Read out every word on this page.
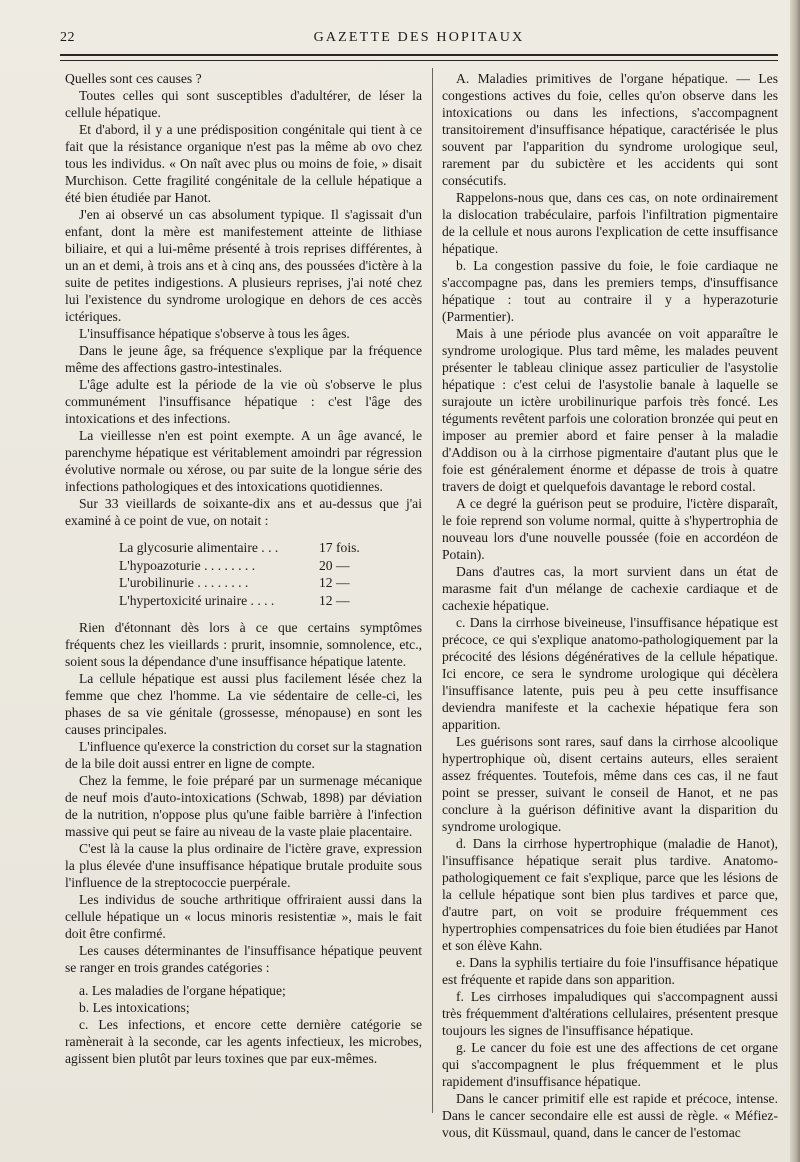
22	GAZETTE DES HOPITAUX

Quelles sont ces causes ?

Toutes celles qui sont susceptibles d'adultérer, de léser la cellule hépatique.

Et d'abord, il y a une prédisposition congénitale qui tient à ce fait que la résistance organique n'est pas la même ab ovo chez tous les individus. « On naît avec plus ou moins de foie, » disait Murchison. Cette fragilité congénitale de la cellule hépatique a été bien étudiée par Hanot.

J'en ai observé un cas absolument typique. Il s'agissait d'un enfant, dont la mère est manifestement atteinte de lithiase biliaire, et qui a lui-même présenté à trois reprises différentes, à un an et demi, à trois ans et à cinq ans, des poussées d'ictère à la suite de petites indigestions. A plusieurs reprises, j'ai noté chez lui l'existence du syndrome urologique en dehors de ces accès ictériques.

L'insuffisance hépatique s'observe à tous les âges.

Dans le jeune âge, sa fréquence s'explique par la fréquence même des affections gastro-intestinales.

L'âge adulte est la période de la vie où s'observe le plus communément l'insuffisance hépatique : c'est l'âge des intoxications et des infections.

La vieillesse n'en est point exempte. A un âge avancé, le parenchyme hépatique est véritablement amoindri par régression évolutive normale ou xérose, ou par suite de la longue série des infections pathologiques et des intoxications quotidiennes.

Sur 33 vieillards de soixante-dix ans et au-dessus que j'ai examiné à ce point de vue, on notait :

La glycosurie alimentaire . . .	17 fois.
L'hypoazoturie . . . . . . . .	20 —
L'urobilinurie . . . . . . . .	12 —
L'hypertoxicité urinaire . . . .	12 —

Rien d'étonnant dès lors à ce que certains symptômes fréquents chez les vieillards : prurit, insomnie, somnolence, etc., soient sous la dépendance d'une insuffisance hépatique latente.

La cellule hépatique est aussi plus facilement lésée chez la femme que chez l'homme. La vie sédentaire de celle-ci, les phases de sa vie génitale (grossesse, ménopause) en sont les causes principales.

L'influence qu'exerce la constriction du corset sur la stagnation de la bile doit aussi entrer en ligne de compte.

Chez la femme, le foie préparé par un surmenage mécanique de neuf mois d'auto-intoxications (Schwab, 1898) par déviation de la nutrition, n'oppose plus qu'une faible barrière à l'infection massive qui peut se faire au niveau de la vaste plaie placentaire.

C'est là la cause la plus ordinaire de l'ictère grave, expression la plus élevée d'une insuffisance hépatique brutale produite sous l'influence de la streptococcie puerpérale.

Les individus de souche arthritique offriraient aussi dans la cellule hépatique un « locus minoris resistentiæ », mais le fait doit être confirmé.

Les causes déterminantes de l'insuffisance hépatique peuvent se ranger en trois grandes catégories :

a. Les maladies de l'organe hépatique;

b. Les intoxications;

c. Les infections, et encore cette dernière catégorie se ramènerait à la seconde, car les agents infectieux, les microbes, agissent bien plutôt par leurs toxines que par eux-mêmes.

A. Maladies primitives de l'organe hépatique. — Les congestions actives du foie, celles qu'on observe dans les intoxications ou dans les infections, s'accompagnent transitoirement d'insuffisance hépatique, caractérisée le plus souvent par l'apparition du syndrome urologique seul, rarement par du subictère et les accidents qui sont consécutifs.

Rappelons-nous que, dans ces cas, on note ordinairement la dislocation trabéculaire, parfois l'infiltration pigmentaire de la cellule et nous aurons l'explication de cette insuffisance hépatique.

b. La congestion passive du foie, le foie cardiaque ne s'accompagne pas, dans les premiers temps, d'insuffisance hépatique : tout au contraire il y a hyperazoturie (Parmentier).

Mais à une période plus avancée on voit apparaître le syndrome urologique. Plus tard même, les malades peuvent présenter le tableau clinique assez particulier de l'asystolie hépatique : c'est celui de l'asystolie banale à laquelle se surajoute un ictère urobilinurique parfois très foncé. Les téguments revêtent parfois une coloration bronzée qui peut en imposer au premier abord et faire penser à la maladie d'Addison ou à la cirrhose pigmentaire d'autant plus que le foie est généralement énorme et dépasse de trois à quatre travers de doigt et quelquefois davantage le rebord costal.

A ce degré la guérison peut se produire, l'ictère disparaît, le foie reprend son volume normal, quitte à s'hypertrophia de nouveau lors d'une nouvelle poussée (foie en accordéon de Potain).

Dans d'autres cas, la mort survient dans un état de marasme fait d'un mélange de cachexie cardiaque et de cachexie hépatique.

c. Dans la cirrhose biveineuse, l'insuffisance hépatique est précoce, ce qui s'explique anatomo-pathologiquement par la précocité des lésions dégénératives de la cellule hépatique. Ici encore, ce sera le syndrome urologique qui décèlera l'insuffisance latente, puis peu à peu cette insuffisance deviendra manifeste et la cachexie hépatique fera son apparition.

Les guérisons sont rares, sauf dans la cirrhose alcoolique hypertrophique où, disent certains auteurs, elles seraient assez fréquentes. Toutefois, même dans ces cas, il ne faut point se presser, suivant le conseil de Hanot, et ne pas conclure à la guérison définitive avant la disparition du syndrome urologique.

d. Dans la cirrhose hypertrophique (maladie de Hanot), l'insuffisance hépatique serait plus tardive. Anatomo-pathologiquement ce fait s'explique, parce que les lésions de la cellule hépatique sont bien plus tardives et parce que, d'autre part, on voit se produire fréquemment ces hypertrophies compensatrices du foie bien étudiées par Hanot et son élève Kahn.

e. Dans la syphilis tertiaire du foie l'insuffisance hépatique est fréquente et rapide dans son apparition.

f. Les cirrhoses impaludiques qui s'accompagnent aussi très fréquemment d'altérations cellulaires, présentent presque toujours les signes de l'insuffisance hépatique.

g. Le cancer du foie est une des affections de cet organe qui s'accompagnent le plus fréquemment et le plus rapidement d'insuffisance hépatique.

Dans le cancer primitif elle est rapide et précoce, intense. Dans le cancer secondaire elle est aussi de règle. « Méfiez-vous, dit Küssmaul, quand, dans le cancer de l'estomac
